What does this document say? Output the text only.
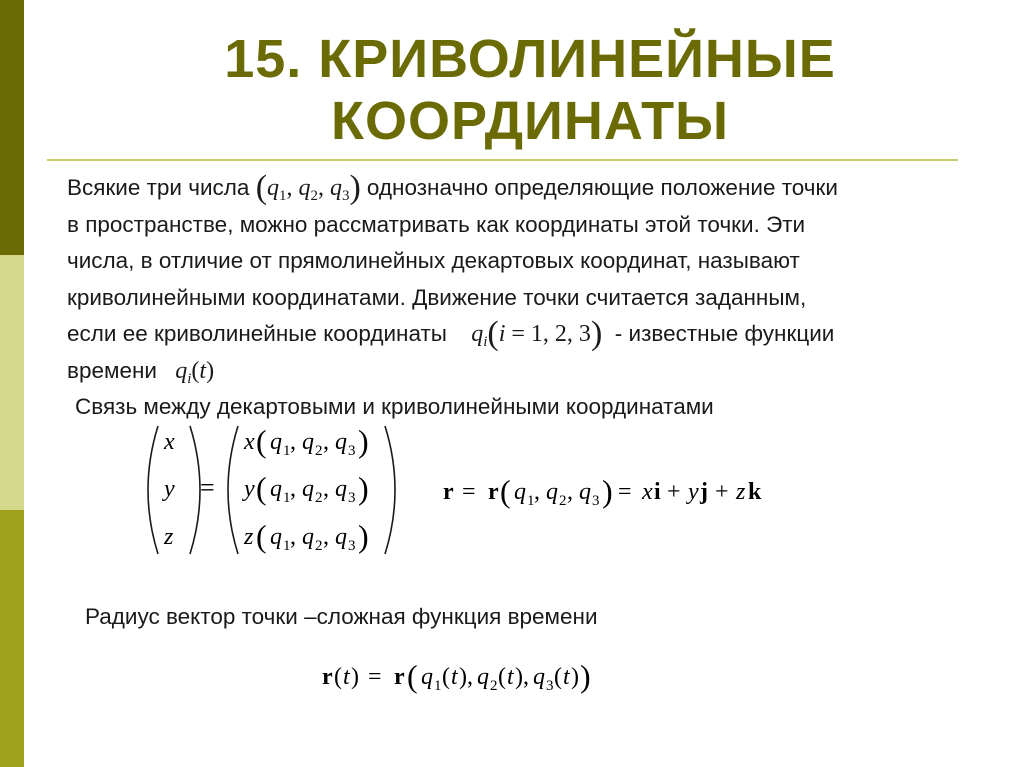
15. КРИВОЛИНЕЙНЫЕ
КООРДИНАТЫ
Всякие три числа ($q_1$, $q_2$, $q_3$) однозначно определяющие положение точки
в пространстве, можно рассматривать как координаты этой точки. Эти
числа, в отличие от прямолинейных декартовых координат, называют
криволинейными координатами. Движение точки считается заданным,
если ее криволинейные координаты $q_i(i = 1$, 2, 3) - известные функции
времени $q_i(t)$
Связь между декартовыми и криволинейными координатами
x
y
z
=
x ( q 1 , q 2 , q 3 )
y ( q 1 , q 2 , q 3 )
z ( q 1 , q 2 , q 3 )
r = r ( q 1 , q 2 , q 3 ) = x i + y j + z k
r ( t ) = r ( q 1 ( t ), q 2 ( t ), q 3 ( t ) )
Радиус вектор точки –сложная функция времени
